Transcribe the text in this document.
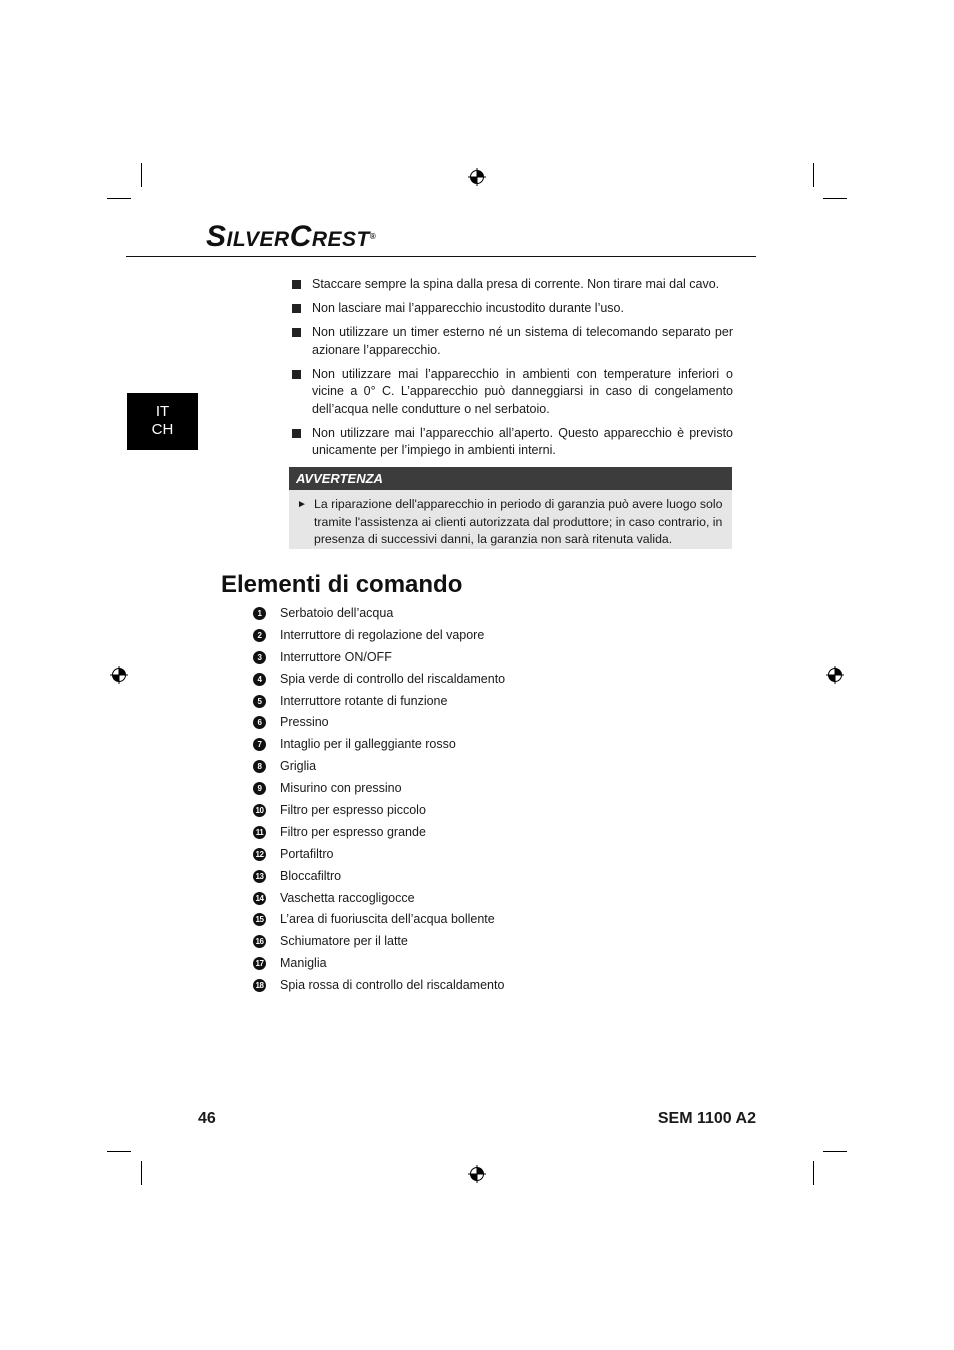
SILVERCREST®
IT
CH
Staccare sempre la spina dalla presa di corrente. Non tirare mai dal cavo.
Non lasciare mai l’apparecchio incustodito durante l’uso.
Non utilizzare un timer esterno né un sistema di telecomando separato per azionare l’apparecchio.
Non utilizzare mai l’apparecchio in ambienti con temperature inferiori o vicine a 0° C. L’apparecchio può danneggiarsi in caso di congelamento dell’acqua nelle condutture o nel serbatoio.
Non utilizzare mai l’apparecchio all’aperto. Questo apparecchio è previsto unicamente per l’impiego in ambienti interni.
AVVERTENZA
► La riparazione dell'apparecchio in periodo di garanzia può avere luogo solo tramite l'assistenza ai clienti autorizzata dal produttore; in caso contrario, in presenza di successivi danni, la garanzia non sarà ritenuta valida.
Elementi di comando
1	Serbatoio dell’acqua
2	Interruttore di regolazione del vapore
3	Interruttore ON/OFF
4	Spia verde di controllo del riscaldamento
5	Interruttore rotante di funzione
6	Pressino
7	Intaglio per il galleggiante rosso
8	Griglia
9	Misurino con pressino
10 Filtro per espresso piccolo
11 Filtro per espresso grande
12 Portafiltro
13 Bloccafiltro
14 Vaschetta raccogligocce
15 L’area di fuoriuscita dell’acqua bollente
16 Schiumatore per il latte
17 Maniglia
18 Spia rossa di controllo del riscaldamento
46	SEM 1100 A2
